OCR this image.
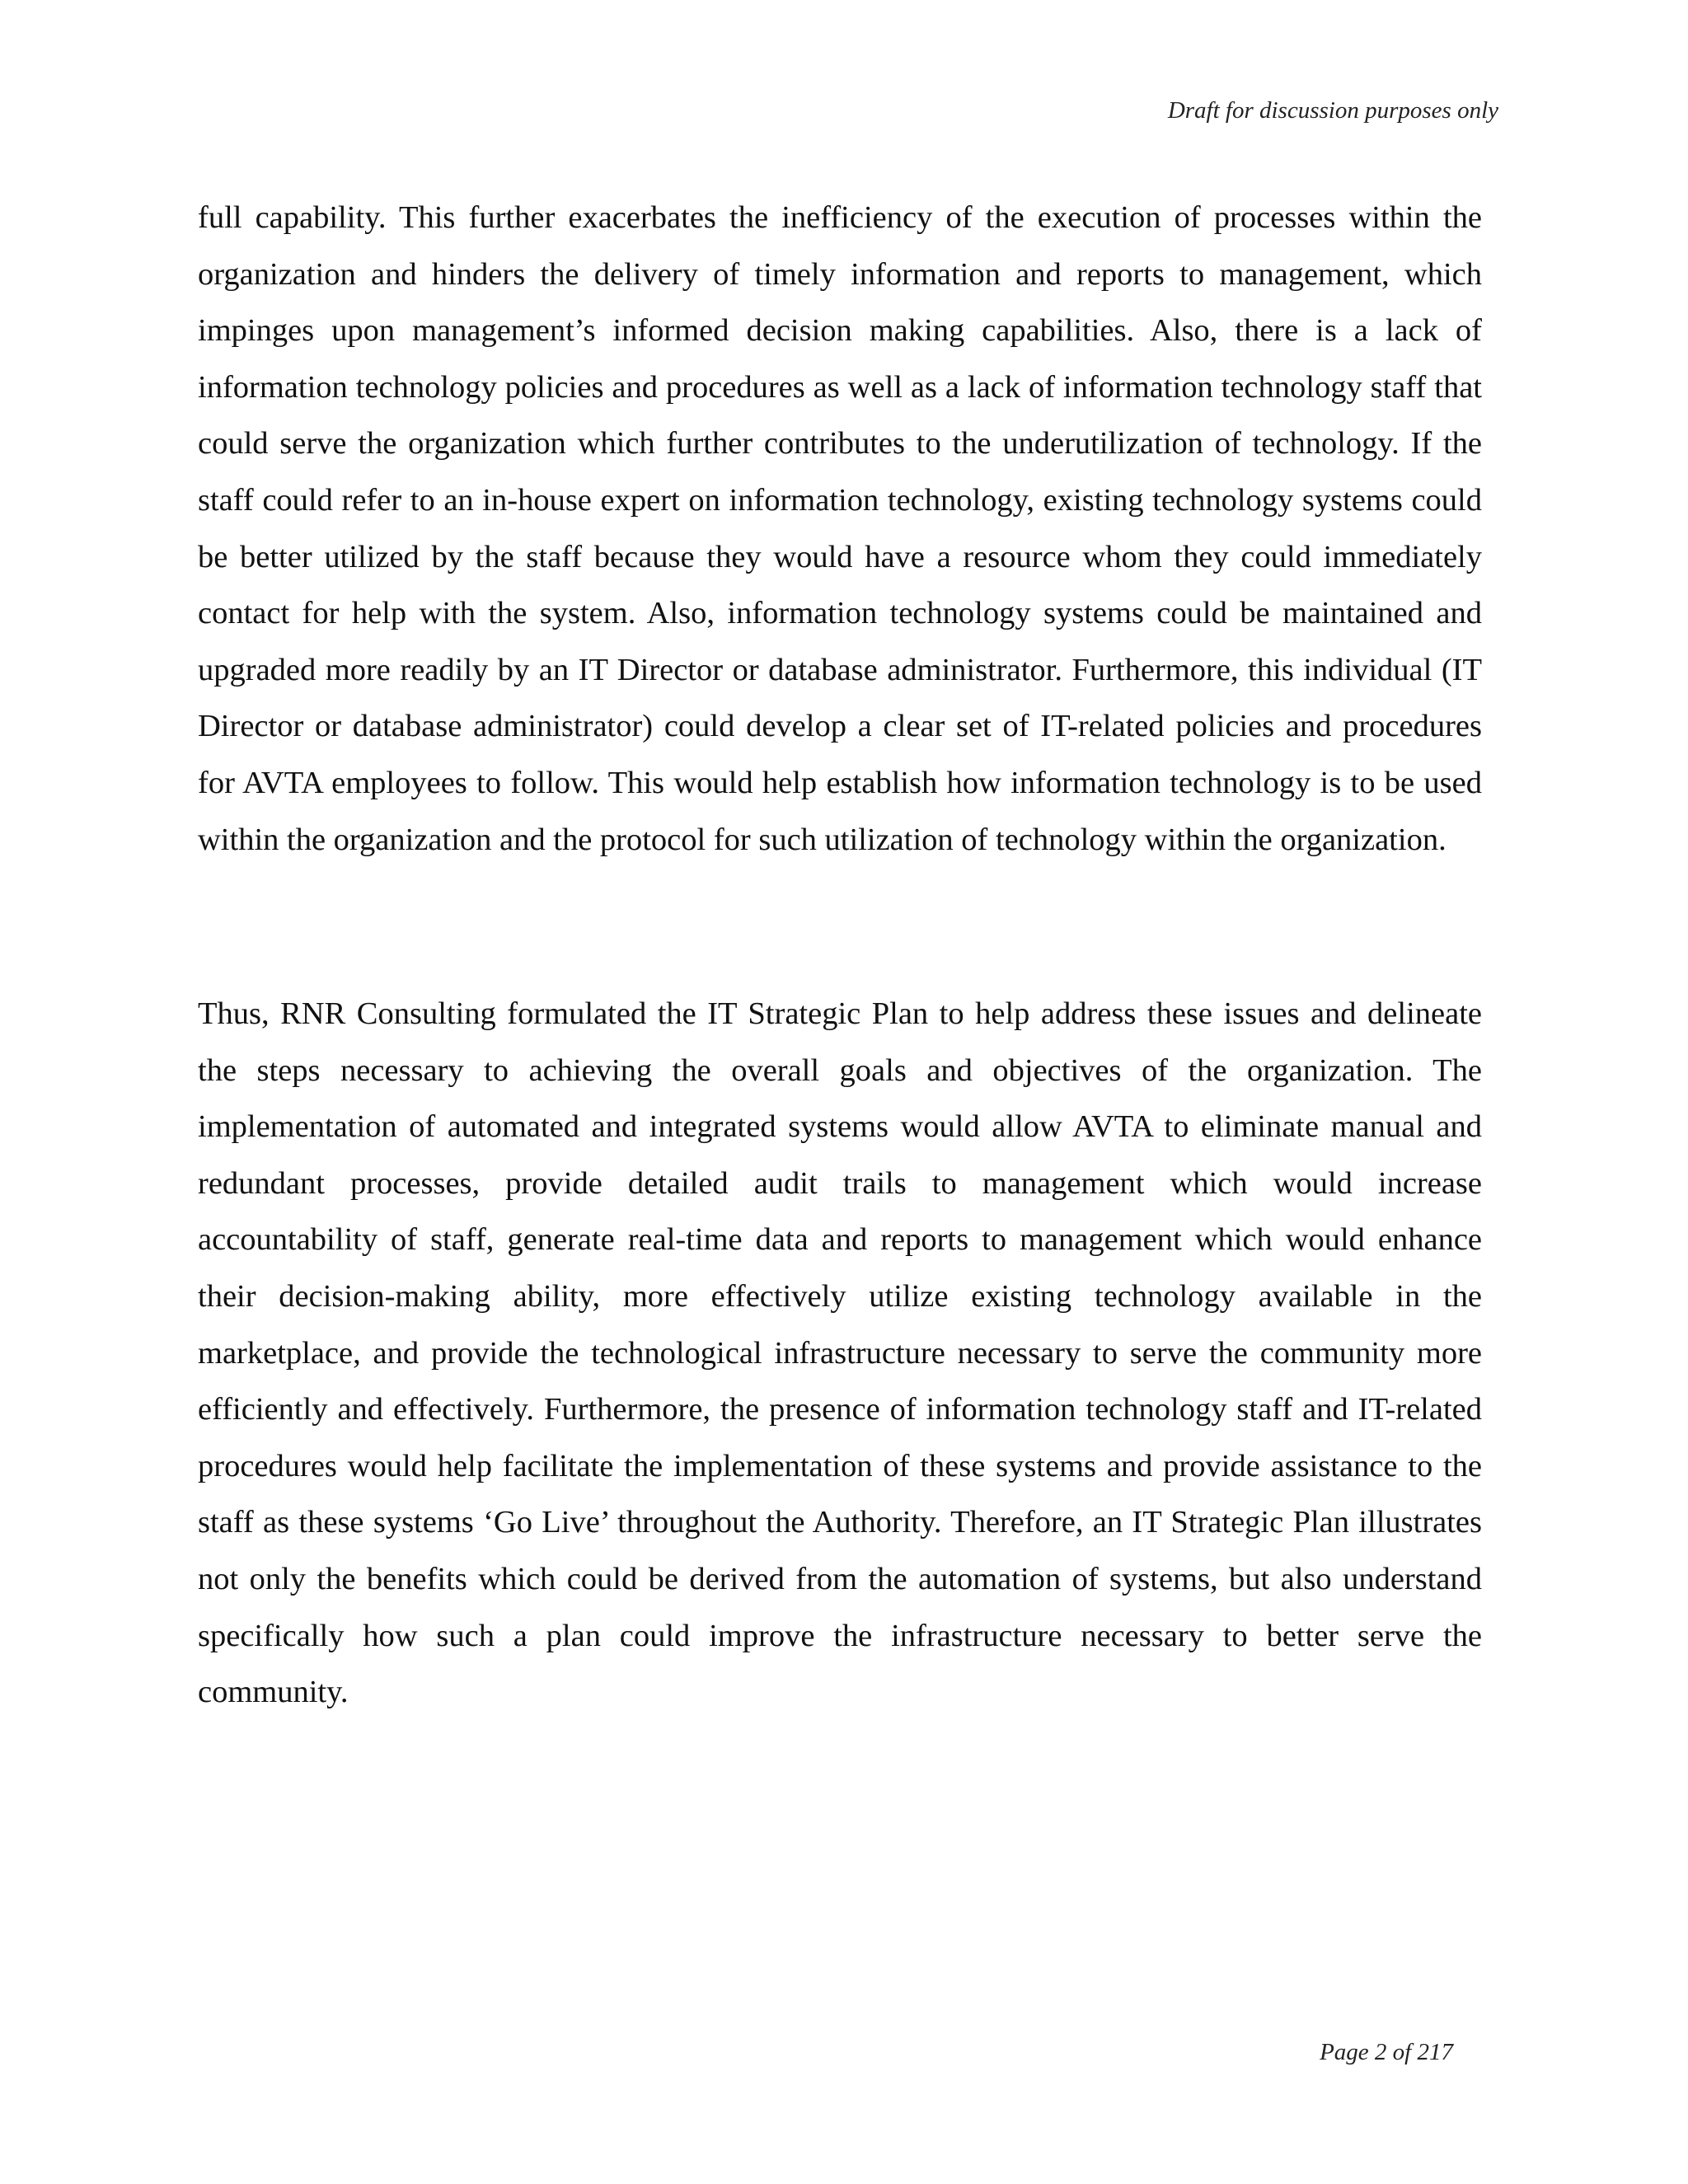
Draft for discussion purposes only

full capability. This further exacerbates the inefficiency of the execution of processes within the organization and hinders the delivery of timely information and reports to management, which impinges upon management’s informed decision making capabilities. Also, there is a lack of information technology policies and procedures as well as a lack of information technology staff that could serve the organization which further contributes to the underutilization of technology. If the staff could refer to an in-house expert on information technology, existing technology systems could be better utilized by the staff because they would have a resource whom they could immediately contact for help with the system. Also, information technology systems could be maintained and upgraded more readily by an IT Director or database administrator. Furthermore, this individual (IT Director or database administrator) could develop a clear set of IT-related policies and procedures for AVTA employees to follow. This would help establish how information technology is to be used within the organization and the protocol for such utilization of technology within the organization.

Thus, RNR Consulting formulated the IT Strategic Plan to help address these issues and delineate the steps necessary to achieving the overall goals and objectives of the organization. The implementation of automated and integrated systems would allow AVTA to eliminate manual and redundant processes, provide detailed audit trails to management which would increase accountability of staff, generate real-time data and reports to management which would enhance their decision-making ability, more effectively utilize existing technology available in the marketplace, and provide the technological infrastructure necessary to serve the community more efficiently and effectively. Furthermore, the presence of information technology staff and IT-related procedures would help facilitate the implementation of these systems and provide assistance to the staff as these systems ‘Go Live’ throughout the Authority. Therefore, an IT Strategic Plan illustrates not only the benefits which could be derived from the automation of systems, but also understand specifically how such a plan could improve the infrastructure necessary to better serve the community.

Page 2 of 217
